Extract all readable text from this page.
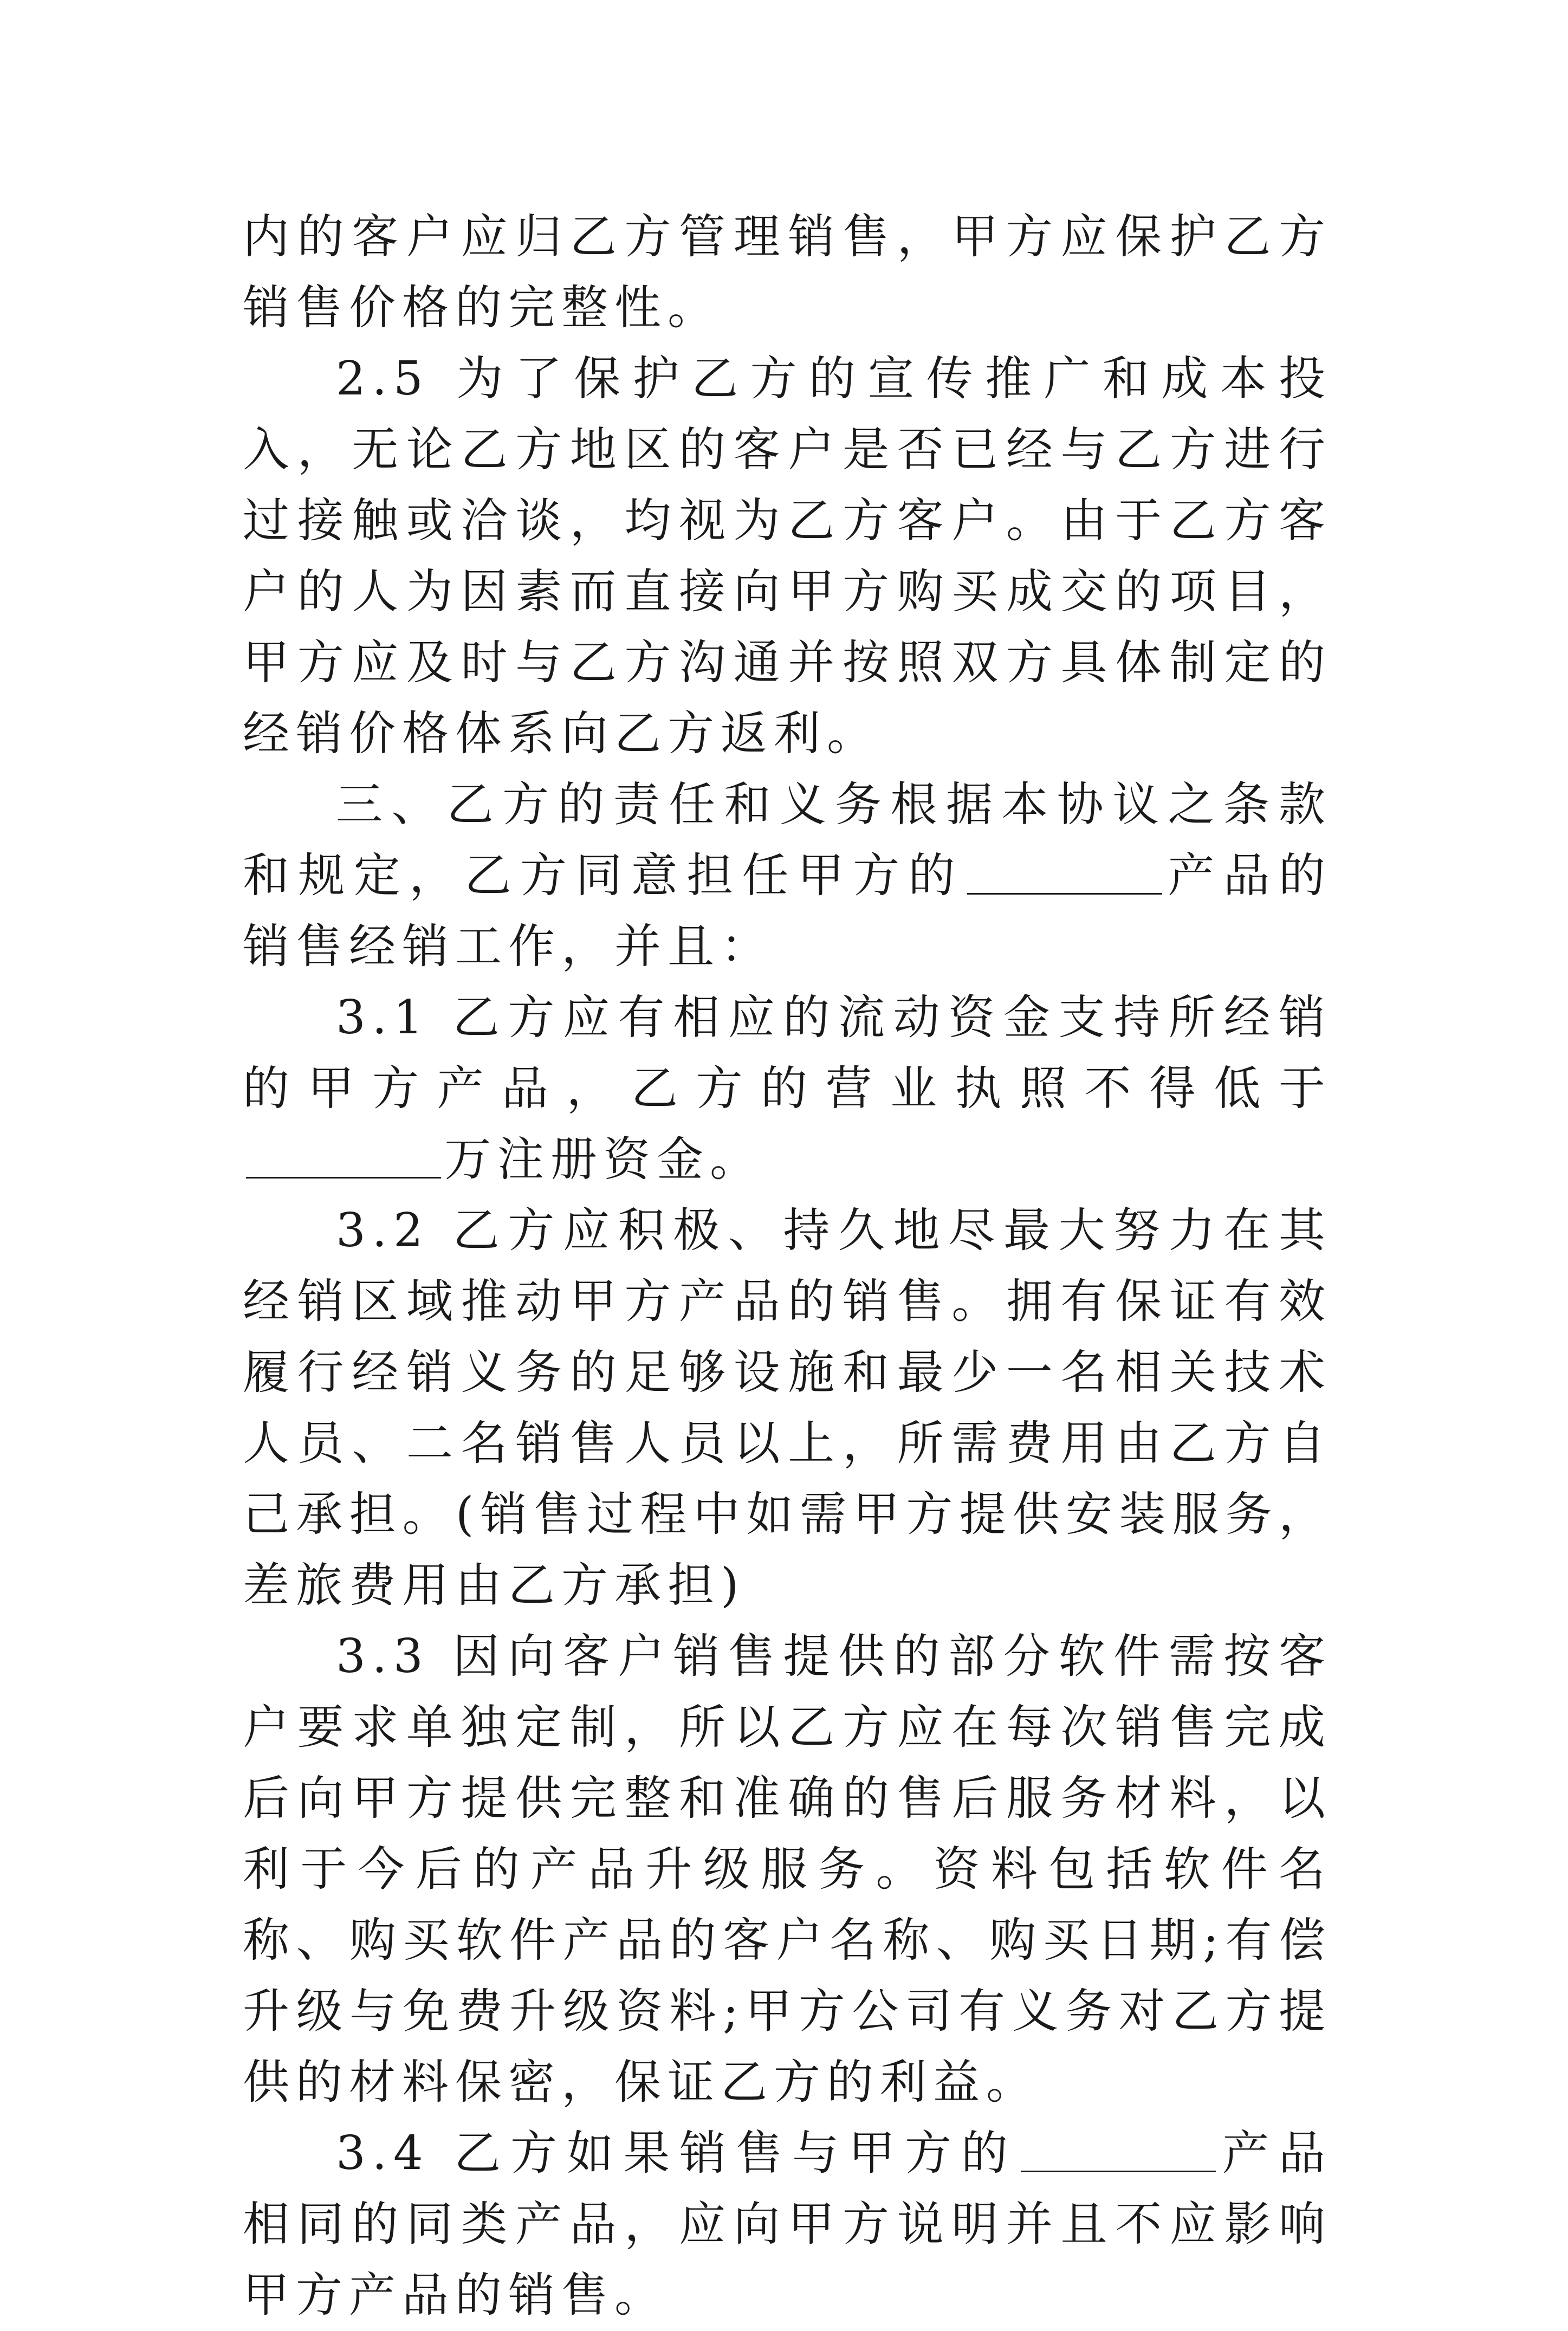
内的客户应归乙方管理销售，甲方应保护乙方销售价格的完整性。

2.5 为了保护乙方的宣传推广和成本投入，无论乙方地区的客户是否已经与乙方进行过接触或洽谈，均视为乙方客户。由于乙方客户的人为因素而直接向甲方购买成交的项目，甲方应及时与乙方沟通并按照双方具体制定的经销价格体系向乙方返利。

三、乙方的责任和义务根据本协议之条款和规定，乙方同意担任甲方的	产品的销售经销工作，并且：

3.1 乙方应有相应的流动资金支持所经销的甲方产品，乙方的营业执照不得低于万注册资金。

3.2 乙方应积极、持久地尽最大努力在其经销区域推动甲方产品的销售。拥有保证有效履行经销义务的足够设施和最少一名相关技术人员、二名销售人员以上，所需费用由乙方自己承担。(销售过程中如需甲方提供安装服务，差旅费用由乙方承担)

3.3 因向客户销售提供的部分软件需按客户要求单独定制，所以乙方应在每次销售完成后向甲方提供完整和准确的售后服务材料，以利于今后的产品升级服务。资料包括软件名称、购买软件产品的客户名称、购买日期;有偿升级与免费升级资料;甲方公司有义务对乙方提供的材料保密，保证乙方的利益。

3.4 乙方如果销售与甲方的	产品相同的同类产品，应向甲方说明并且不应影响甲方产品的销售。
